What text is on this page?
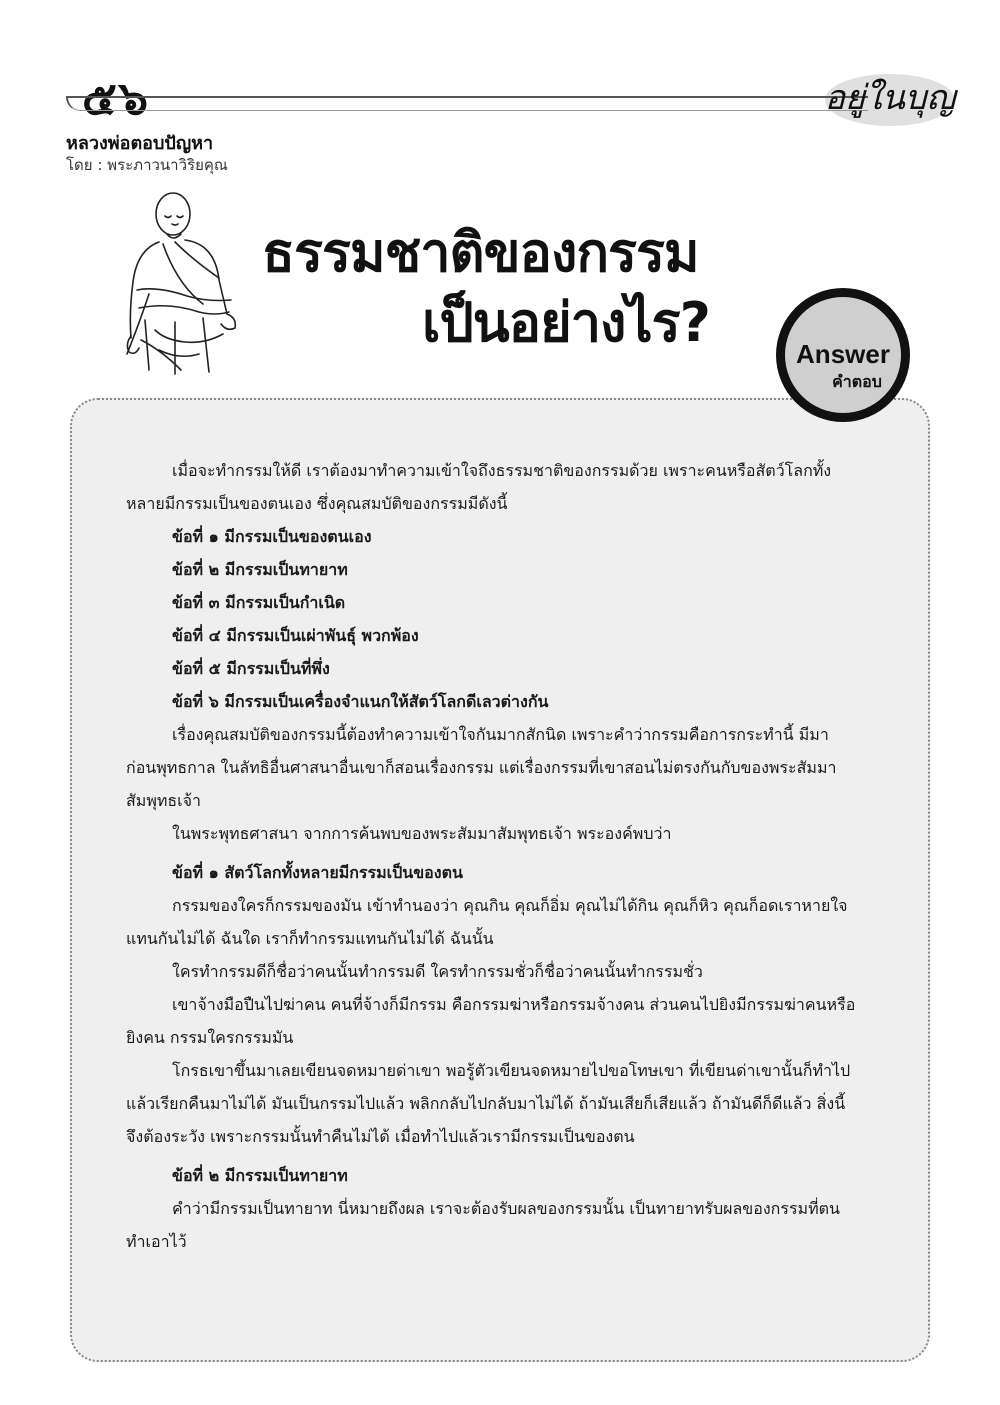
๕๖	อยู่ในบุญ
หลวงพ่อตอบปัญหา
โดย : พระภาวนาวิริยคุณ
ธรรมชาติของกรรม
เป็นอย่างไร?	Answer
คำตอบ

เมื่อจะทำกรรมให้ดี เราต้องมาทำความเข้าใจถึงธรรมชาติของกรรมด้วย เพราะคนหรือสัตว์โลกทั้งหลายมีกรรมเป็นของตนเอง ซึ่งคุณสมบัติของกรรมมีดังนี้

ข้อที่ ๑ มีกรรมเป็นของตนเอง

ข้อที่ ๒ มีกรรมเป็นทายาท

ข้อที่ ๓ มีกรรมเป็นกำเนิด

ข้อที่ ๔ มีกรรมเป็นเผ่าพันธุ์ พวกพ้อง

ข้อที่ ๕ มีกรรมเป็นที่พึ่ง

ข้อที่ ๖ มีกรรมเป็นเครื่องจำแนกให้สัตว์โลกดีเลวต่างกัน

เรื่องคุณสมบัติของกรรมนี้ต้องทำความเข้าใจกันมากสักนิด เพราะคำว่ากรรมคือการกระทำนี้ มีมาก่อนพุทธกาล ในลัทธิอื่นศาสนาอื่นเขาก็สอนเรื่องกรรม แต่เรื่องกรรมที่เขาสอนไม่ตรงกันกับของพระสัมมาสัมพุทธเจ้า

ในพระพุทธศาสนา จากการค้นพบของพระสัมมาสัมพุทธเจ้า พระองค์พบว่า

ข้อที่ ๑ สัตว์โลกทั้งหลายมีกรรมเป็นของตน

กรรมของใครก็กรรมของมัน เข้าทำนองว่า คุณกิน คุณก็อิ่ม คุณไม่ได้กิน คุณก็หิว คุณก็อดเราหายใจแทนกันไม่ได้ ฉันใด เราก็ทำกรรมแทนกันไม่ได้ ฉันนั้น

ใครทำกรรมดีก็ชื่อว่าคนนั้นทำกรรมดี ใครทำกรรมชั่วก็ชื่อว่าคนนั้นทำกรรมชั่ว

เขาจ้างมือปืนไปฆ่าคน คนที่จ้างก็มีกรรม คือกรรมฆ่าหรือกรรมจ้างคน ส่วนคนไปยิงมีกรรมฆ่าคนหรือยิงคน กรรมใครกรรมมัน

โกรธเขาขึ้นมาเลยเขียนจดหมายด่าเขา พอรู้ตัวเขียนจดหมายไปขอโทษเขา ที่เขียนด่าเขานั้นก็ทำไปแล้วเรียกคืนมาไม่ได้ มันเป็นกรรมไปแล้ว พลิกกลับไปกลับมาไม่ได้ ถ้ามันเสียก็เสียแล้ว ถ้ามันดีก็ดีแล้ว สิ่งนี้จึงต้องระวัง เพราะกรรมนั้นทำคืนไม่ได้ เมื่อทำไปแล้วเรามีกรรมเป็นของตน

ข้อที่ ๒ มีกรรมเป็นทายาท

คำว่ามีกรรมเป็นทายาท นี่หมายถึงผล เราจะต้องรับผลของกรรมนั้น เป็นทายาทรับผลของกรรมที่ตนทำเอาไว้
